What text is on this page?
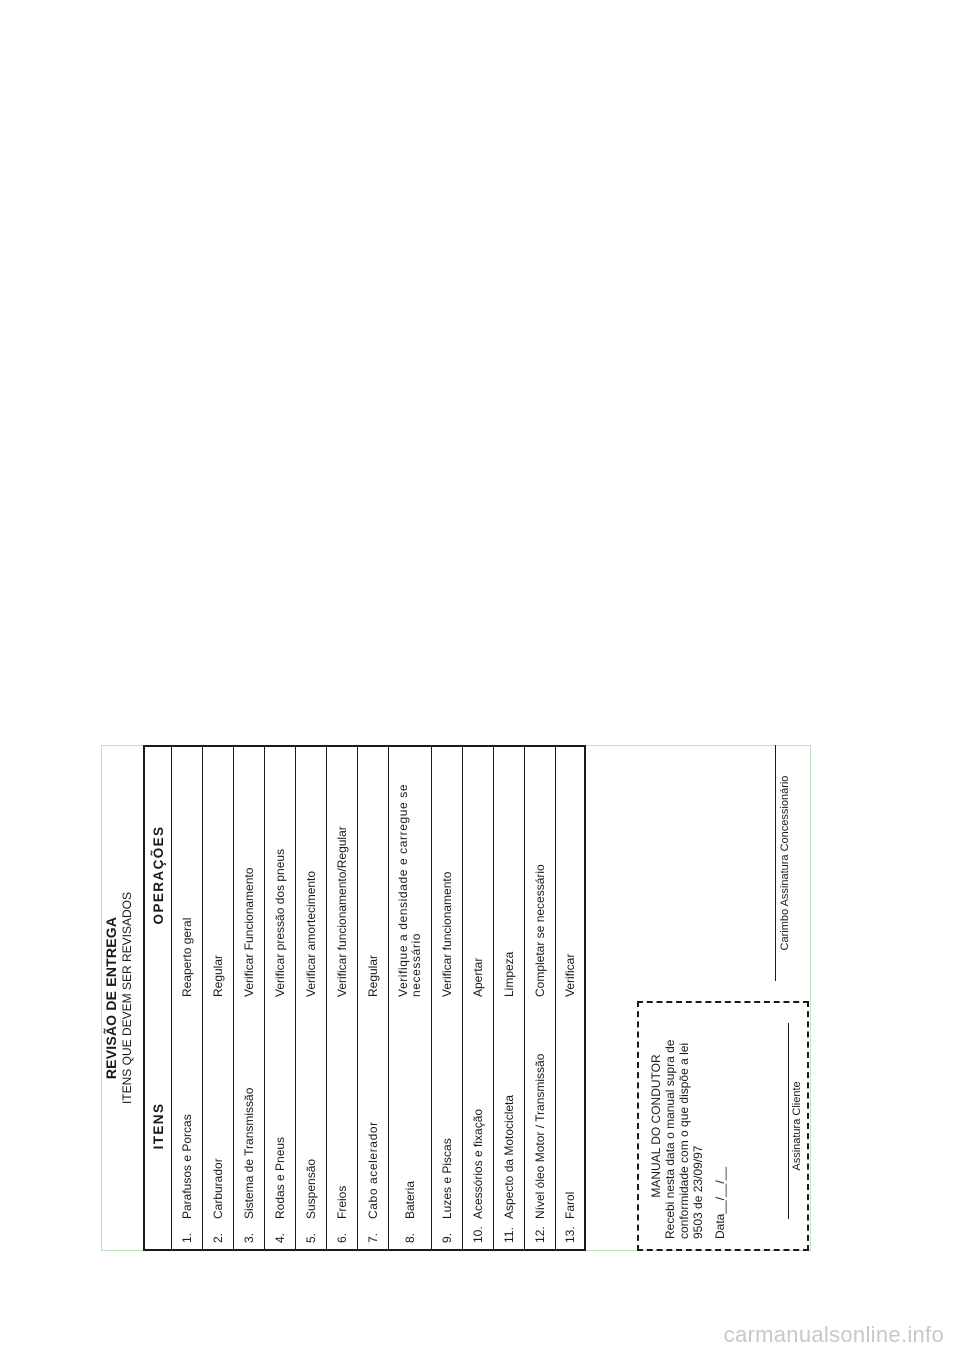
REVISÃO DE ENTREGA ITENS QUE DEVEM SER REVISADOS
ITENS		OPERAÇÕES
1.	Parafusos e Porcas	Reaperto geral
2.	Carburador	Regular
3.	Sistema de Transmissão	Verificar Funcionamento
4.	Rodas e Pneus	Verificar pressão dos pneus
5.	Suspensão	Verificar amortecimento
6.	Freios	Verificar funcionamento/Regular
7.	Cabo acelerador	Regular
8.	Bateria	Verifique a densidade e carregue se necessário
9.	Luzes e Piscas	Verificar funcionamento
10.	Acessórios e fixação	Apertar
11.	Aspecto da Motocicleta	Limpeza
12.	Nível óleo Motor / Transmissão	Completar se necessário
13.	Farol	Verificar
MANUAL DO CONDUTOR Recebi nesta data o manual supra de conformidade com o que dispõe a lei 9503 de 23/09/97 Data__/__/__
Assinatura Cliente
Carimbo Assinatura Concessionário
carmanualsonline.info
